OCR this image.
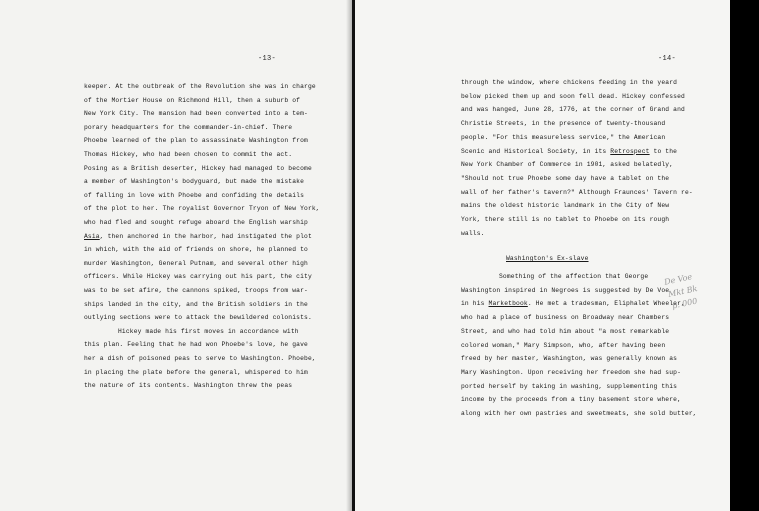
-13-
keeper. At the outbreak of the Revolution she was in charge
of the Mortier House on Richmond Hill, then a suburb of
New York City. The mansion had been converted into a tem-
porary headquarters for the commander-in-chief. There
Phoebe learned of the plan to assassinate Washington from
Thomas Hickey, who had been chosen to commit the act.
Posing as a British deserter, Hickey had managed to become
a member of Washington's bodyguard, but made the mistake
of falling in love with Phoebe and confiding the details
of the plot to her. The royalist Governor Tryon of New York,
who had fled and sought refuge aboard the English warship
Asia, then anchored in the harbor, had instigated the plot
in which, with the aid of friends on shore, he planned to
murder Washington, General Putnam, and several other high
officers. While Hickey was carrying out his part, the city
was to be set afire, the cannons spiked, troops from war-
ships landed in the city, and the British soldiers in the
outlying sections were to attack the bewildered colonists.
Hickey made his first moves in accordance with
this plan. Feeling that he had won Phoebe's love, he gave
her a dish of poisoned peas to serve to Washington. Phoebe,
in placing the plate before the general, whispered to him
the nature of its contents. Washington threw the peas
-14-
through the window, where chickens feeding in the yeard
below picked them up and soon fell dead. Hickey confessed
and was hanged, June 28, 1776, at the corner of Grand and
Christie Streets, in the presence of twenty-thousand
people. "For this measureless service," the American
Scenic and Historical Society, in its Retrospect to the
New York Chamber of Commerce in 1901, asked belatedly,
"Should not true Phoebe some day have a tablet on the
wall of her father's tavern?" Although Fraunces' Tavern re-
mains the oldest historic landmark in the City of New
York, there still is no tablet to Phoebe on its rough
walls.
Washington's Ex-slave
Something of the affection that George
Washington inspired in Negroes is suggested by De Voe
in his Marketbook. He met a tradesman, Eliphalet Wheeler,
who had a place of business on Broadway near Chambers
Street, and who had told him about "a most remarkable
colored woman," Mary Simpson, who, after having been
freed by her master, Washington, was generally known as
Mary Washington. Upon receiving her freedom she had sup-
ported herself by taking in washing, supplementing this
income by the proceeds from a tiny basement store where,
along with her own pastries and sweetmeats, she sold butter,
De Voe
Mkt Bk
p. 000
